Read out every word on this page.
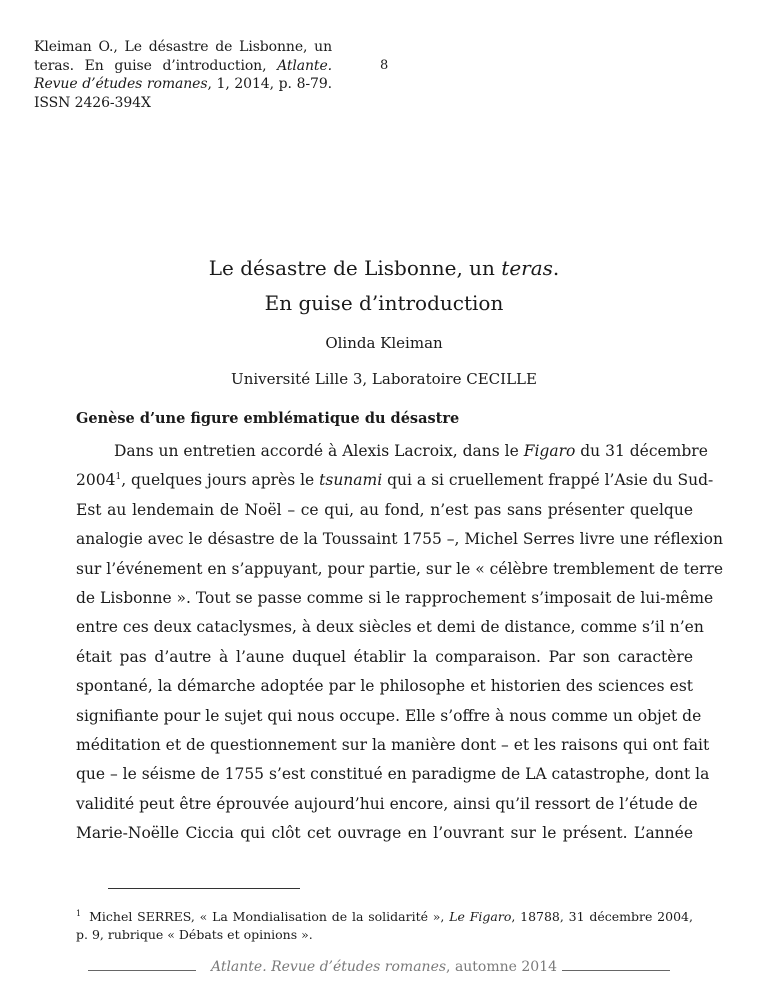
Kleiman O., Le désastre de Lisbonne, un
teras. En guise d’introduction, Atlante.
Revue d’études romanes, 1, 2014, p. 8-79.
ISSN 2426-394X
8
Le désastre de Lisbonne, un teras.
En guise d’introduction
Olinda Kleiman
Université Lille 3, Laboratoire CECILLE
Genèse d’une figure emblématique du désastre
Dans un entretien accordé à Alexis Lacroix, dans le Figaro du 31 décembre
2004$^1$, quelques jours après le tsunami qui a si cruellement frappé l’Asie du Sud-
Est au lendemain de Noël – ce qui, au fond, n’est pas sans présenter quelque
analogie avec le désastre de la Toussaint 1755 –, Michel Serres livre une réflexion
sur l’événement en s’appuyant, pour partie, sur le « célèbre tremblement de terre
de Lisbonne ». Tout se passe comme si le rapprochement s’imposait de lui-même
entre ces deux cataclysmes, à deux siècles et demi de distance, comme s’il n’en
était pas d’autre à l’aune duquel établir la comparaison. Par son caractère
spontané, la démarche adoptée par le philosophe et historien des sciences est
signifiante pour le sujet qui nous occupe. Elle s’offre à nous comme un objet de
méditation et de questionnement sur la manière dont – et les raisons qui ont fait
que – le séisme de 1755 s’est constitué en paradigme de LA catastrophe, dont la
validité peut être éprouvée aujourd’hui encore, ainsi qu’il ressort de l’étude de
Marie-Noëlle Ciccia qui clôt cet ouvrage en l’ouvrant sur le présent. L’année
$^1$ Michel SERRES, « La Mondialisation de la solidarité », Le Figaro, 18788, 31 décembre 2004,
p. 9, rubrique « Débats et opinions ».
Atlante. Revue d’études romanes, automne 2014
